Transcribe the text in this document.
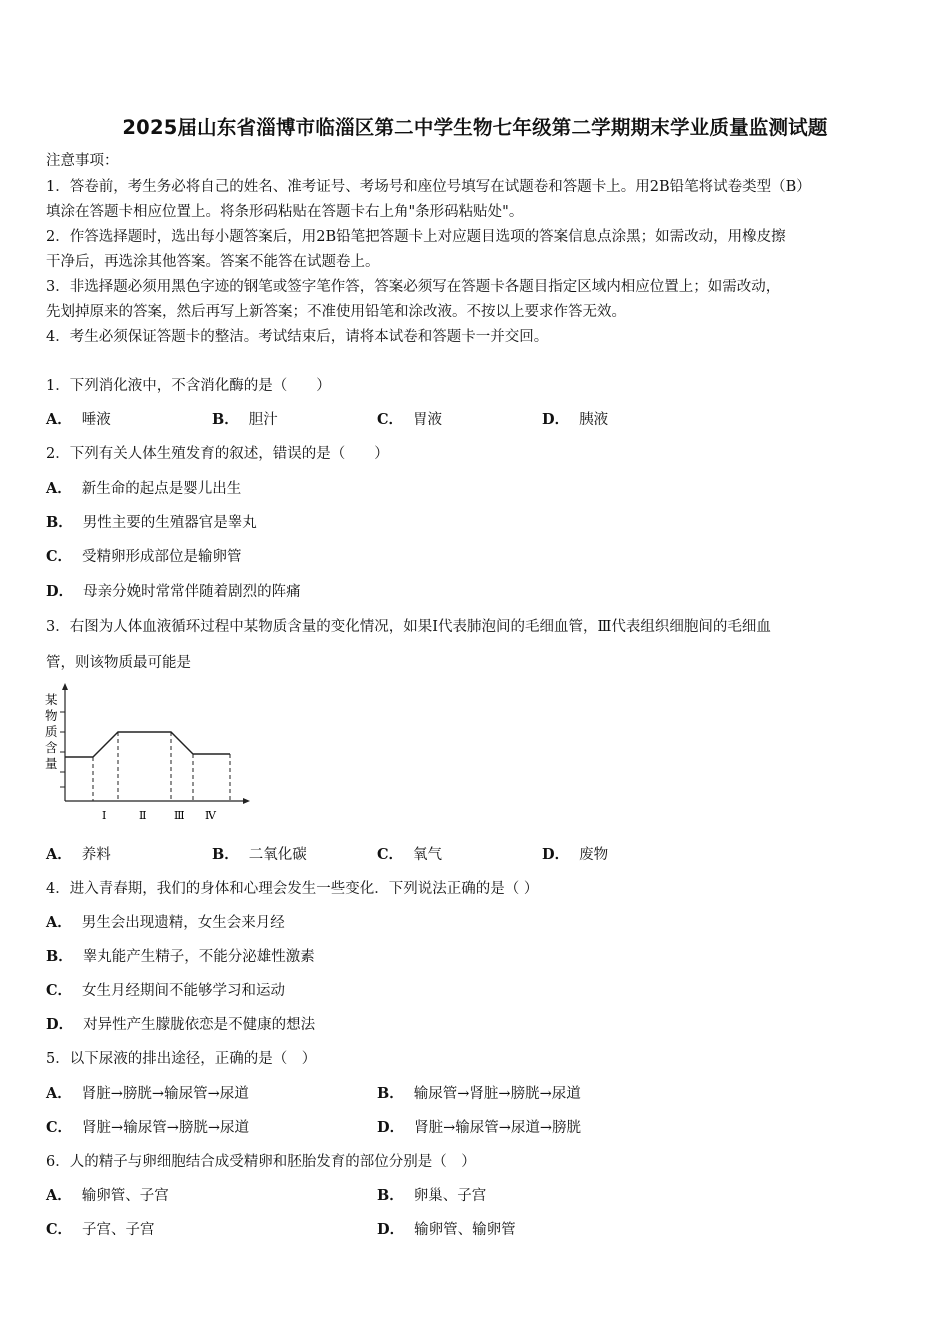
2025届山东省淄博市临淄区第二中学生物七年级第二学期期末学业质量监测试题
注意事项：
1．答卷前，考生务必将自己的姓名、准考证号、考场号和座位号填写在试题卷和答题卡上。用2B铅笔将试卷类型（B）
填涂在答题卡相应位置上。将条形码粘贴在答题卡右上角"条形码粘贴处"。
2．作答选择题时，选出每小题答案后，用2B铅笔把答题卡上对应题目选项的答案信息点涂黑；如需改动，用橡皮擦
干净后，再选涂其他答案。答案不能答在试题卷上。
3．非选择题必须用黑色字迹的钢笔或签字笔作答，答案必须写在答题卡各题目指定区域内相应位置上；如需改动，
先划掉原来的答案，然后再写上新答案；不准使用铅笔和涂改液。不按以上要求作答无效。
4．考生必须保证答题卡的整洁。考试结束后，请将本试卷和答题卡一并交回。
1．下列消化液中，不含消化酶的是（　　）
A． 唾液	B． 胆汁	C． 胃液	D． 胰液
2．下列有关人体生殖发育的叙述，错误的是（　　）
A． 新生命的起点是婴儿出生
B． 男性主要的生殖器官是睾丸
C． 受精卵形成部位是输卵管
D． 母亲分娩时常常伴随着剧烈的阵痛
3．右图为人体血液循环过程中某物质含量的变化情况，如果Ⅰ代表肺泡间的毛细血管，Ⅲ代表组织细胞间的毛细血
管，则该物质最可能是
某
物
质
含
量
Ⅰ	Ⅱ	Ⅲ Ⅳ
A． 养料	B． 二氧化碳	C． 氧气	D． 废物
4．进入青春期，我们的身体和心理会发生一些变化．下列说法正确的是（ ）
A． 男生会出现遗精，女生会来月经
B． 睾丸能产生精子，不能分泌雄性激素
C． 女生月经期间不能够学习和运动
D． 对异性产生朦胧依恋是不健康的想法
5．以下尿液的排出途径，正确的是（　）
A． 肾脏→膀胱→输尿管→尿道	B． 输尿管→肾脏→膀胱→尿道
C． 肾脏→输尿管→膀胱→尿道	D． 肾脏→输尿管→尿道→膀胱
6．人的精子与卵细胞结合成受精卵和胚胎发育的部位分别是（　）
A． 输卵管、子宫	B． 卵巢、子宫
C． 子宫、子宫	D． 输卵管、输卵管
